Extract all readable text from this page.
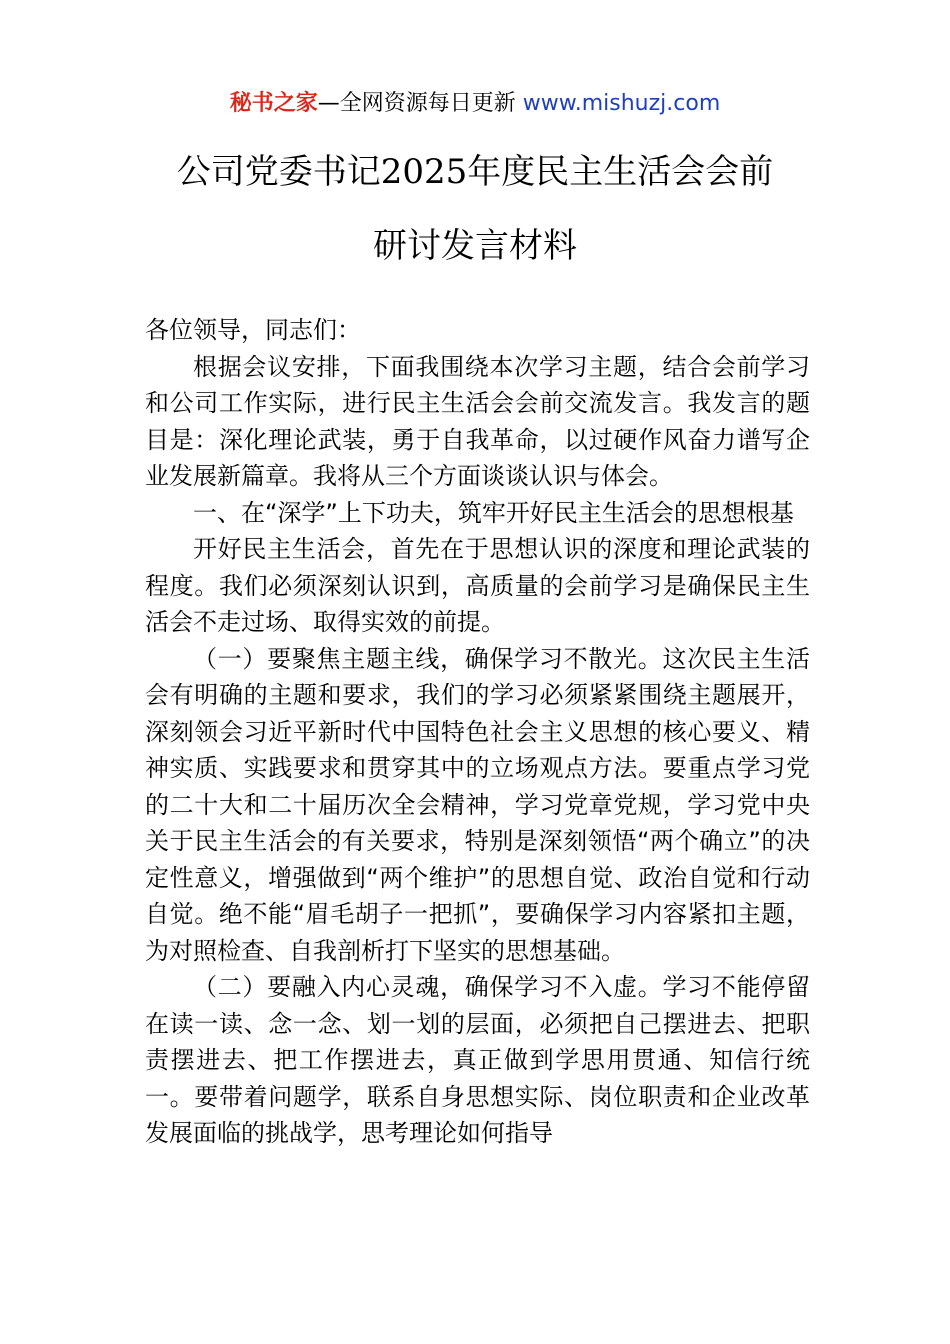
秘书之家—全网资源每日更新 www.mishuzj.com
公司党委书记2025年度民主生活会会前
研讨发言材料

各位领导，同志们：

根据会议安排，下面我围绕本次学习主题，结合会前学习和公司工作实际，进行民主生活会会前交流发言。我发言的题目是：深化理论武装，勇于自我革命，以过硬作风奋力谱写企业发展新篇章。我将从三个方面谈谈认识与体会。

一、在“深学”上下功夫，筑牢开好民主生活会的思想根基

开好民主生活会，首先在于思想认识的深度和理论武装的程度。我们必须深刻认识到，高质量的会前学习是确保民主生活会不走过场、取得实效的前提。

（一）要聚焦主题主线，确保学习不散光。这次民主生活会有明确的主题和要求，我们的学习必须紧紧围绕主题展开，深刻领会习近平新时代中国特色社会主义思想的核心要义、精神实质、实践要求和贯穿其中的立场观点方法。要重点学习党的二十大和二十届历次全会精神，学习党章党规，学习党中央关于民主生活会的有关要求，特别是深刻领悟“两个确立”的决定性意义，增强做到“两个维护”的思想自觉、政治自觉和行动自觉。绝不能“眉毛胡子一把抓”，要确保学习内容紧扣主题，为对照检查、自我剖析打下坚实的思想基础。

（二）要融入内心灵魂，确保学习不入虚。学习不能停留在读一读、念一念、划一划的层面，必须把自己摆进去、把职责摆进去、把工作摆进去，真正做到学思用贯通、知信行统一。要带着问题学，联系自身思想实际、岗位职责和企业改革发展面临的挑战学，思考理论如何指导
